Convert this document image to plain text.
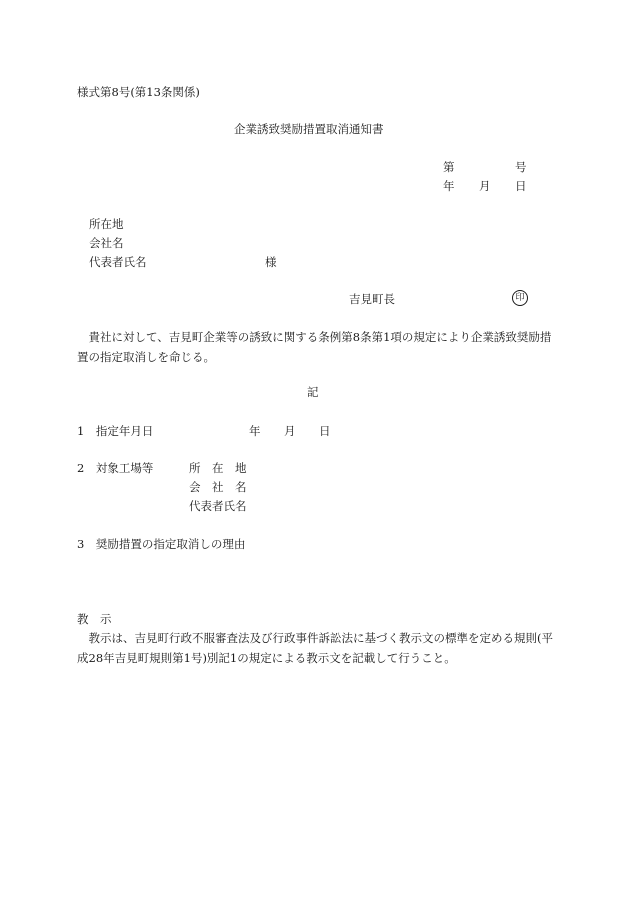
様式第8号(第13条関係)
企業誘致奨励措置取消通知書
第	号
年 月 日
所在地
会社名
代表者氏名	様
吉見町長	印
貴社に対して、吉見町企業等の誘致に関する条例第8条第1項の規定により企業誘致奨励措置の指定取消しを命じる。
記
1　指定年月日	年 月 日
2　対象工場等	所　在　地
会　社　名
代表者氏名
3　奨励措置の指定取消しの理由
教　示
教示は、吉見町行政不服審査法及び行政事件訴訟法に基づく教示文の標準を定める規則(平成28年吉見町規則第1号)別記1の規定による教示文を記載して行うこと。
